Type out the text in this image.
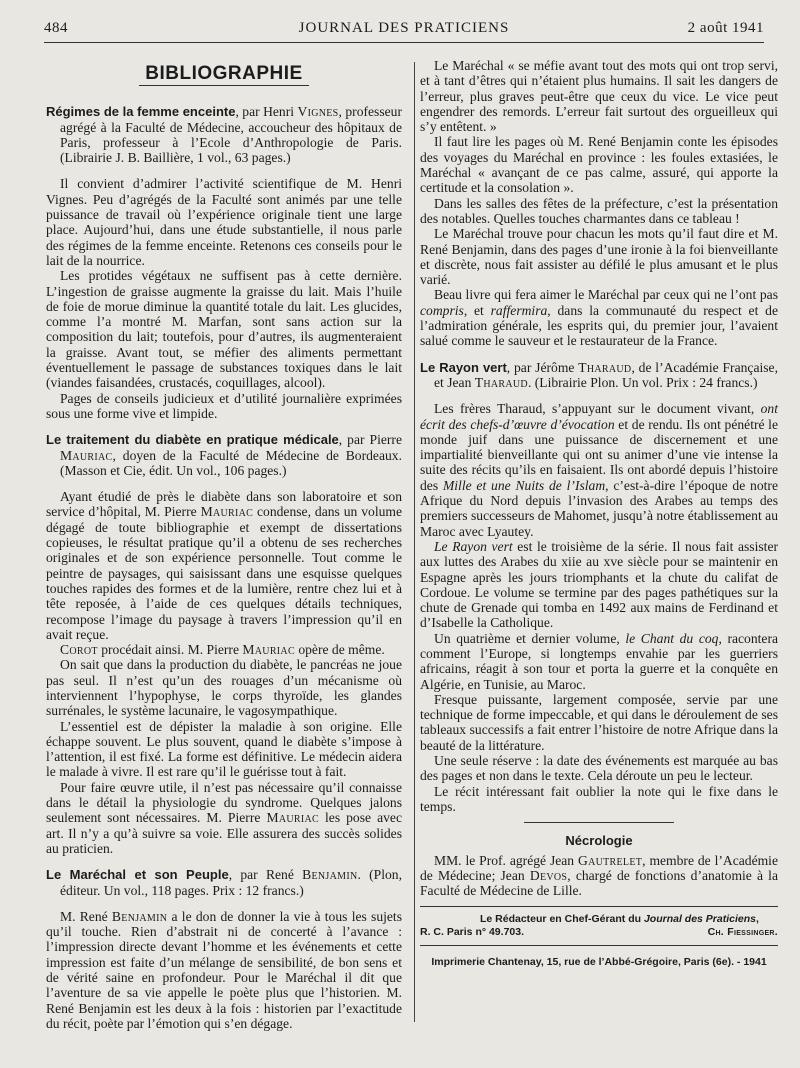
484	JOURNAL DES PRATICIENS	2 août 1941
BIBLIOGRAPHIE

Régimes de la femme enceinte, par Henri Vignes, professeur agrégé à la Faculté de Médecine, accoucheur des hôpitaux de Paris, professeur à l’Ecole d’Anthropologie de Paris. (Librairie J. B. Baillière, 1 vol., 63 pages.)

Il convient d’admirer l’activité scientifique de M. Henri Vignes. Peu d’agrégés de la Faculté sont animés par une telle puissance de travail où l’expérience originale tient une large place. Aujourd’hui, dans une étude substantielle, il nous parle des régimes de la femme enceinte. Retenons ces conseils pour le lait de la nourrice.

Les protides végétaux ne suffisent pas à cette dernière. L’ingestion de graisse augmente la graisse du lait. Mais l’huile de foie de morue diminue la quantité totale du lait. Les glucides, comme l’a montré M. Marfan, sont sans action sur la composition du lait; toutefois, pour d’autres, ils augmenteraient la graisse. Avant tout, se méfier des aliments permettant éventuellement le passage de substances toxiques dans le lait (viandes faisandées, crustacés, coquillages, alcool).

Pages de conseils judicieux et d’utilité journalière exprimées sous une forme vive et limpide.

Le traitement du diabète en pratique médicale, par Pierre Mauriac, doyen de la Faculté de Médecine de Bordeaux. (Masson et Cie, édit. Un vol., 106 pages.)

Ayant étudié de près le diabète dans son laboratoire et son service d’hôpital, M. Pierre Mauriac condense, dans un volume dégagé de toute bibliographie et exempt de dissertations copieuses, le résultat pratique qu’il a obtenu de ses recherches originales et de son expérience personnelle. Tout comme le peintre de paysages, qui saisissant dans une esquisse quelques touches rapides des formes et de la lumière, rentre chez lui et à tête reposée, à l’aide de ces quelques détails techniques, recompose l’image du paysage à travers l’impression qu’il en avait reçue.

Corot procédait ainsi. M. Pierre Mauriac opère de même.

On sait que dans la production du diabète, le pancréas ne joue pas seul. Il n’est qu’un des rouages d’un mécanisme où interviennent l’hypophyse, le corps thyroïde, les glandes surrénales, le système lacunaire, le vagosympathique.

L’essentiel est de dépister la maladie à son origine. Elle échappe souvent. Le plus souvent, quand le diabète s’impose à l’attention, il est fixé. La forme est définitive. Le médecin aidera le malade à vivre. Il est rare qu’il le guérisse tout à fait.

Pour faire œuvre utile, il n’est pas nécessaire qu’il connaisse dans le détail la physiologie du syndrome. Quelques jalons seulement sont nécessaires. M. Pierre Mauriac les pose avec art. Il n’y a qu’à suivre sa voie. Elle assurera des succès solides au praticien.

Le Maréchal et son Peuple, par René Benjamin. (Plon, éditeur. Un vol., 118 pages. Prix : 12 francs.)

M. René Benjamin a le don de donner la vie à tous les sujets qu’il touche. Rien d’abstrait ni de concerté à l’avance : l’impression directe devant l’homme et les événements et cette impression est faite d’un mélange de sensibilité, de bon sens et de vérité saine en profondeur. Pour le Maréchal il dit que l’aventure de sa vie appelle le poète plus que l’historien. M. René Benjamin est les deux à la fois : historien par l’exactitude du récit, poète par l’émotion qui s’en dégage.

Le Maréchal « se méfie avant tout des mots qui ont trop servi, et à tant d’êtres qui n’étaient plus humains. Il sait les dangers de l’erreur, plus graves peut-être que ceux du vice. Le vice peut engendrer des remords. L’erreur fait surtout des orgueilleux qui s’y entêtent. »

Il faut lire les pages où M. René Benjamin conte les épisodes des voyages du Maréchal en province : les foules extasiées, le Maréchal « avançant de ce pas calme, assuré, qui apporte la certitude et la consolation ».

Dans les salles des fêtes de la préfecture, c’est la présentation des notables. Quelles touches charmantes dans ce tableau !

Le Maréchal trouve pour chacun les mots qu’il faut dire et M. René Benjamin, dans des pages d’une ironie à la foi bienveillante et discrète, nous fait assister au défilé le plus amusant et le plus varié.

Beau livre qui fera aimer le Maréchal par ceux qui ne l’ont pas compris, et raffermira, dans la communauté du respect et de l’admiration générale, les esprits qui, du premier jour, l’avaient salué comme le sauveur et le restaurateur de la France.

Le Rayon vert, par Jérôme Tharaud, de l’Académie Française, et Jean Tharaud. (Librairie Plon. Un vol. Prix : 24 francs.)

Les frères Tharaud, s’appuyant sur le document vivant, ont écrit des chefs-d’œuvre d’évocation et de rendu. Ils ont pénétré le monde juif dans une puissance de discernement et une impartialité bienveillante qui ont su animer d’une vie intense la suite des récits qu’ils en faisaient. Ils ont abordé depuis l’histoire des Mille et une Nuits de l’Islam, c’est-à-dire l’époque de notre Afrique du Nord depuis l’invasion des Arabes au temps des premiers successeurs de Mahomet, jusqu’à notre établissement au Maroc avec Lyautey.

Le Rayon vert est le troisième de la série. Il nous fait assister aux luttes des Arabes du xiie au xve siècle pour se maintenir en Espagne après les jours triomphants et la chute du califat de Cordoue. Le volume se termine par des pages pathétiques sur la chute de Grenade qui tomba en 1492 aux mains de Ferdinand et d’Isabelle la Catholique.

Un quatrième et dernier volume, le Chant du coq, racontera comment l’Europe, si longtemps envahie par les guerriers africains, réagit à son tour et porta la guerre et la conquête en Algérie, en Tunisie, au Maroc.

Fresque puissante, largement composée, servie par une technique de forme impeccable, et qui dans le déroulement de ses tableaux successifs a fait entrer l’histoire de notre Afrique dans la beauté de la littérature.

Une seule réserve : la date des événements est marquée au bas des pages et non dans le texte. Cela déroute un peu le lecteur.

Le récit intéressant fait oublier la note qui le fixe dans le temps.

Nécrologie

MM. le Prof. agrégé Jean Gautrelet, membre de l’Académie de Médecine; Jean Devos, chargé de fonctions d’anatomie à la Faculté de Médecine de Lille.

Le Rédacteur en Chef-Gérant du Journal des Praticiens,
R. C. Paris n° 49.703.	Ch. Fiessinger.
Imprimerie Chantenay, 15, rue de l’Abbé-Grégoire, Paris (6e). - 1941
